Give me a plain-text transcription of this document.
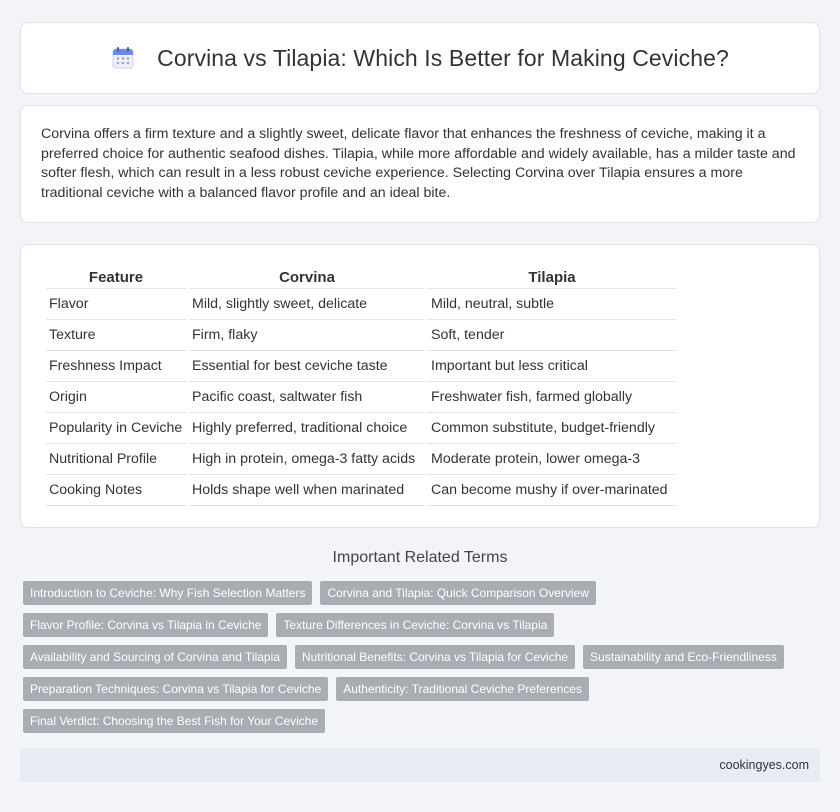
Corvina vs Tilapia: Which Is Better for Making Ceviche?

Corvina offers a firm texture and a slightly sweet, delicate flavor that enhances the freshness of ceviche, making it a preferred choice for authentic seafood dishes. Tilapia, while more affordable and widely available, has a milder taste and softer flesh, which can result in a less robust ceviche experience. Selecting Corvina over Tilapia ensures a more traditional ceviche with a balanced flavor profile and an ideal bite.

Feature	Corvina	Tilapia
Flavor	Mild, slightly sweet, delicate	Mild, neutral, subtle
Texture	Firm, flaky	Soft, tender
Freshness Impact	Essential for best ceviche taste	Important but less critical
Origin	Pacific coast, saltwater fish	Freshwater fish, farmed globally
Popularity in Ceviche	Highly preferred, traditional choice	Common substitute, budget-friendly
Nutritional Profile	High in protein, omega-3 fatty acids	Moderate protein, lower omega-3
Cooking Notes	Holds shape well when marinated	Can become mushy if over-marinated
Important Related Terms
Introduction to Ceviche: Why Fish Selection Matters	Corvina and Tilapia: Quick Comparison Overview
Flavor Profile: Corvina vs Tilapia in Ceviche	Texture Differences in Ceviche: Corvina vs Tilapia
Availability and Sourcing of Corvina and Tilapia	Nutritional Benefits: Corvina vs Tilapia for Ceviche	Sustainability and Eco-Friendliness
Preparation Techniques: Corvina vs Tilapia for Ceviche	Authenticity: Traditional Ceviche Preferences
Final Verdict: Choosing the Best Fish for Your Ceviche
cookingyes.com
